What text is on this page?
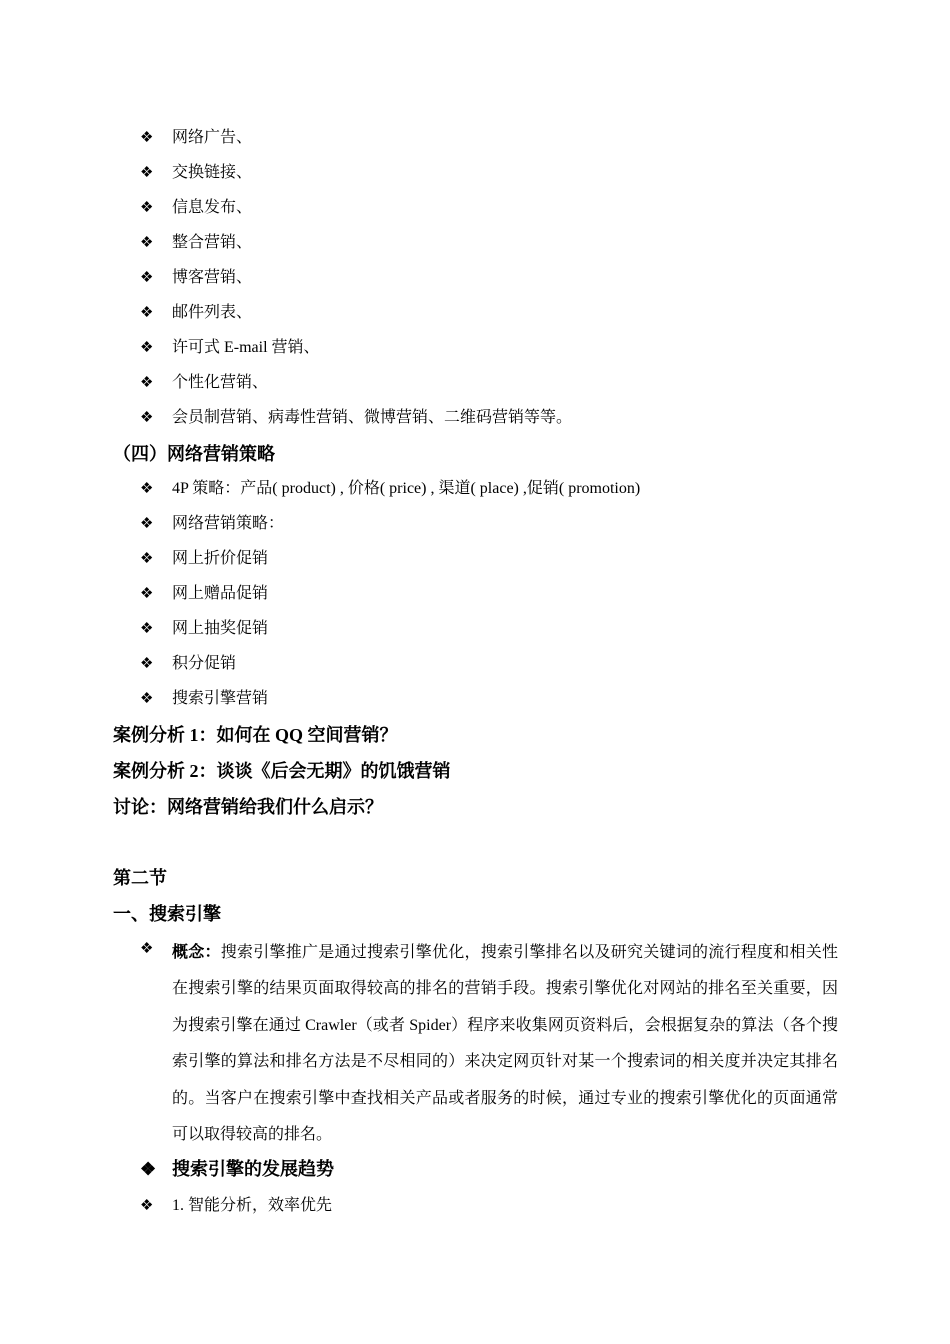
❖	网络广告、
❖	交换链接、
❖	信息发布、
❖	整合营销、
❖	博客营销、
❖	邮件列表、
❖	许可式 E-mail 营销、
❖	个性化营销、
❖	会员制营销、病毒性营销、微博营销、二维码营销等等。
（四）网络营销策略
❖	4P 策略：产品( product) , 价格( price) , 渠道( place) ,促销( promotion)
❖	网络营销策略：
❖	网上折价促销
❖	网上赠品促销
❖	网上抽奖促销
❖	积分促销
❖	搜索引擎营销
案例分析 1：如何在 QQ 空间营销？
案例分析 2：谈谈《后会无期》的饥饿营销
讨论：网络营销给我们什么启示？
第二节
一、搜索引擎
❖ 概念：搜索引擎推广是通过搜索引擎优化，搜索引擎排名以及研究关键词的流行程度和相关性在搜索引擎的结果页面取得较高的排名的营销手段。搜索引擎优化对网站的排名至关重要，因为搜索引擎在通过 Crawler（或者 Spider）程序来收集网页资料后，会根据复杂的算法（各个搜索引擎的算法和排名方法是不尽相同的）来决定网页针对某一个搜索词的相关度并决定其排名的。当客户在搜索引擎中查找相关产品或者服务的时候，通过专业的搜索引擎优化的页面通常可以取得较高的排名。
❖ 搜索引擎的发展趋势
❖	1. 智能分析，效率优先
